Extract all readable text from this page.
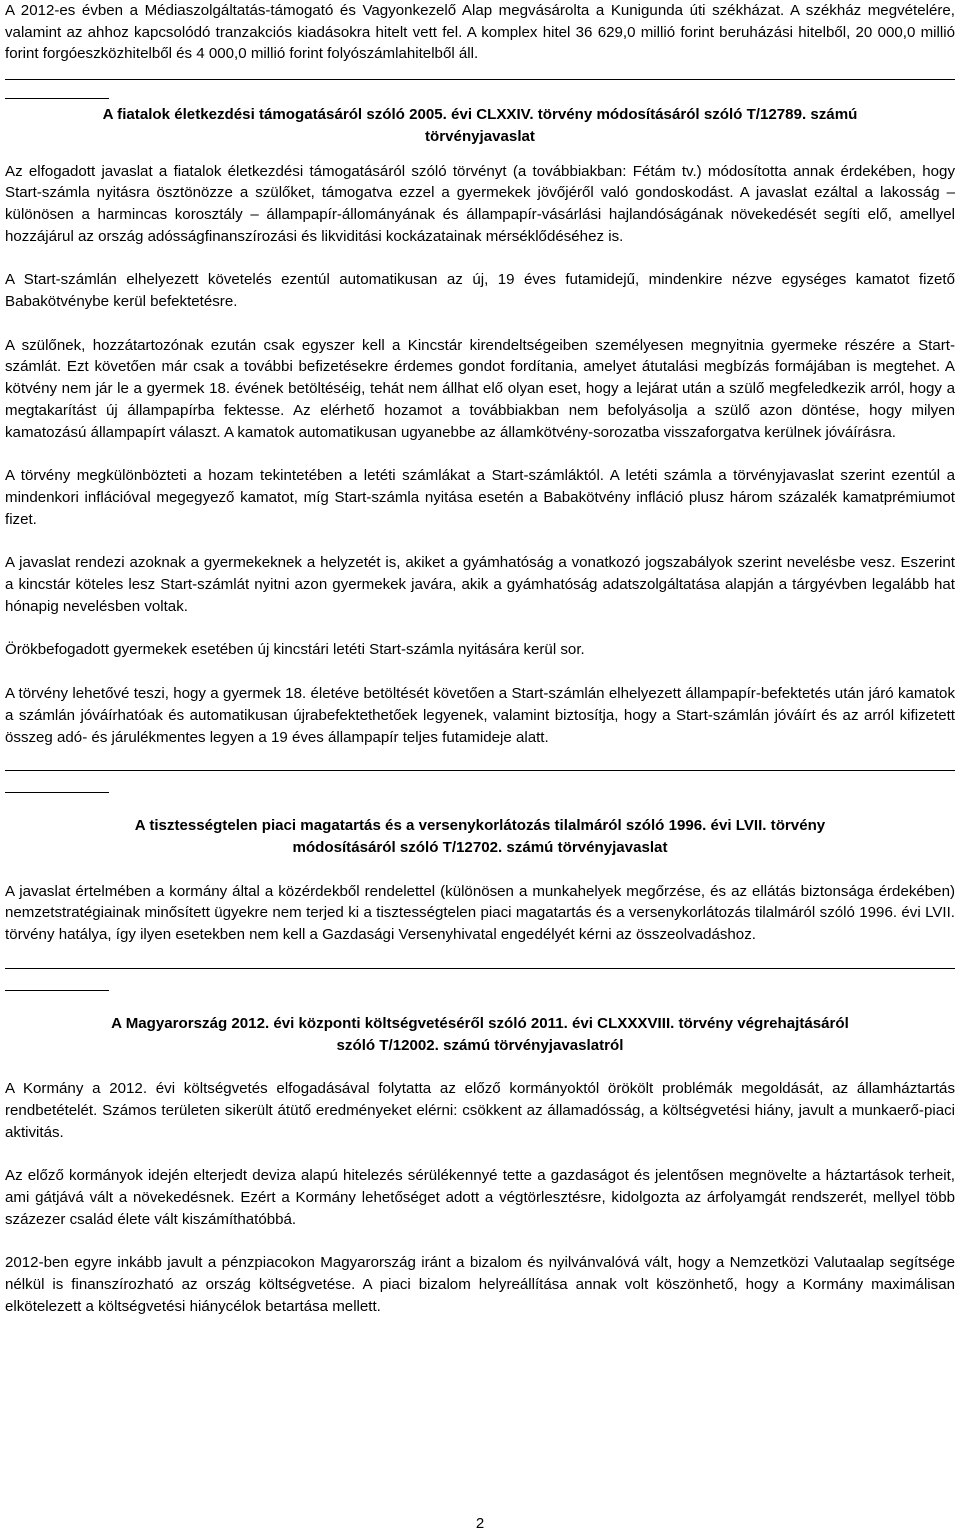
A 2012-es évben a Médiaszolgáltatás-támogató és Vagyonkezelő Alap megvásárolta a Kunigunda úti székházat. A székház megvételére, valamint az ahhoz kapcsolódó tranzakciós kiadásokra hitelt vett fel. A komplex hitel 36 629,0 millió forint beruházási hitelből, 20 000,0 millió forint forgóeszközhitelből és 4 000,0 millió forint folyószámlahitelből áll.

A fiatalok életkezdési támogatásáról szóló 2005. évi CLXXIV. törvény módosításáról szóló T/12789. számú
törvényjavaslat

Az elfogadott javaslat a fiatalok életkezdési támogatásáról szóló törvényt (a továbbiakban: Fétám tv.) módosította annak érdekében, hogy Start-számla nyitásra ösztönözze a szülőket, támogatva ezzel a gyermekek jövőjéről való gondoskodást. A javaslat ezáltal a lakosság – különösen a harmincas korosztály – állampapír-állományának és állampapír-vásárlási hajlandóságának növekedését segíti elő, amellyel hozzájárul az ország adósságfinanszírozási és likviditási kockázatainak mérséklődéséhez is.

A Start-számlán elhelyezett követelés ezentúl automatikusan az új, 19 éves futamidejű, mindenkire nézve egységes kamatot fizető Babakötvénybe kerül befektetésre.

A szülőnek, hozzátartozónak ezután csak egyszer kell a Kincstár kirendeltségeiben személyesen megnyitnia gyermeke részére a Start-számlát. Ezt követően már csak a további befizetésekre érdemes gondot fordítania, amelyet átutalási megbízás formájában is megtehet. A kötvény nem jár le a gyermek 18. évének betöltéséig, tehát nem állhat elő olyan eset, hogy a lejárat után a szülő megfeledkezik arról, hogy a megtakarítást új állampapírba fektesse. Az elérhető hozamot a továbbiakban nem befolyásolja a szülő azon döntése, hogy milyen kamatozású állampapírt választ. A kamatok automatikusan ugyanebbe az államkötvény-sorozatba visszaforgatva kerülnek jóváírásra.

A törvény megkülönbözteti a hozam tekintetében a letéti számlákat a Start-számláktól. A letéti számla a törvényjavaslat szerint ezentúl a mindenkori inflációval megegyező kamatot, míg Start-számla nyitása esetén a Babakötvény infláció plusz három százalék kamatprémiumot fizet.

A javaslat rendezi azoknak a gyermekeknek a helyzetét is, akiket a gyámhatóság a vonatkozó jogszabályok szerint nevelésbe vesz. Eszerint a kincstár köteles lesz Start-számlát nyitni azon gyermekek javára, akik a gyámhatóság adatszolgáltatása alapján a tárgyévben legalább hat hónapig nevelésben voltak.

Örökbefogadott gyermekek esetében új kincstári letéti Start-számla nyitására kerül sor.

A törvény lehetővé teszi, hogy a gyermek 18. életéve betöltését követően a Start-számlán elhelyezett állampapír-befektetés után járó kamatok a számlán jóváírhatóak és automatikusan újrabefektethetőek legyenek, valamint biztosítja, hogy a Start-számlán jóváírt és az arról kifizetett összeg adó- és járulékmentes legyen a 19 éves állampapír teljes futamideje alatt.

A tisztességtelen piaci magatartás és a versenykorlátozás tilalmáról szóló 1996. évi LVII. törvény
módosításáról szóló T/12702. számú törvényjavaslat

A javaslat értelmében a kormány által a közérdekből rendelettel (különösen a munkahelyek megőrzése, és az ellátás biztonsága érdekében) nemzetstratégiainak minősített ügyekre nem terjed ki a tisztességtelen piaci magatartás és a versenykorlátozás tilalmáról szóló 1996. évi LVII. törvény hatálya, így ilyen esetekben nem kell a Gazdasági Versenyhivatal engedélyét kérni az összeolvadáshoz.

A Magyarország 2012. évi központi költségvetéséről szóló 2011. évi CLXXXVIII. törvény végrehajtásáról
szóló T/12002. számú törvényjavaslatról

A Kormány a 2012. évi költségvetés elfogadásával folytatta az előző kormányoktól örökölt problémák megoldását, az államháztartás rendbetételét. Számos területen sikerült átütő eredményeket elérni: csökkent az államadósság, a költségvetési hiány, javult a munkaerő-piaci aktivitás.

Az előző kormányok idején elterjedt deviza alapú hitelezés sérülékennyé tette a gazdaságot és jelentősen megnövelte a háztartások terheit, ami gátjává vált a növekedésnek. Ezért a Kormány lehetőséget adott a végtörlesztésre, kidolgozta az árfolyamgát rendszerét, mellyel több százezer család élete vált kiszámíthatóbbá.

2012-ben egyre inkább javult a pénzpiacokon Magyarország iránt a bizalom és nyilvánvalóvá vált, hogy a Nemzetközi Valutaalap segítsége nélkül is finanszírozható az ország költségvetése. A piaci bizalom helyreállítása annak volt köszönhető, hogy a Kormány maximálisan elkötelezett a költségvetési hiánycélok betartása mellett.

2
